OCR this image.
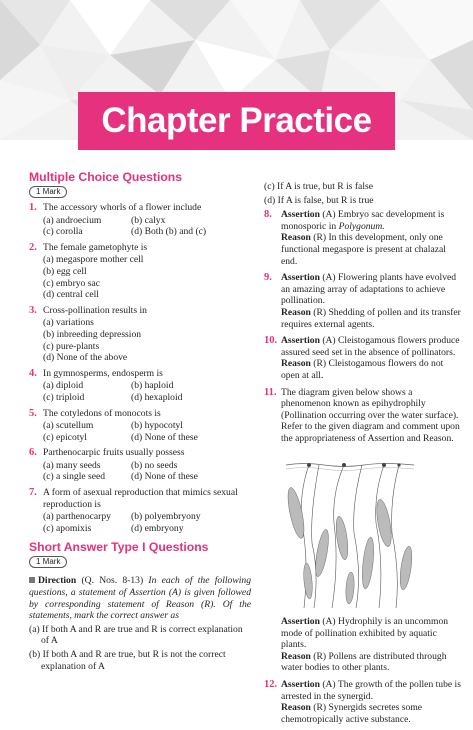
Chapter Practice
Multiple Choice Questions
1 Mark
1. The accessory whorls of a flower include
(a) androecium	(b) calyx
(c) corolla	(d) Both (b) and (c)
2. The female gametophyte is
(a) megaspore mother cell
(b) egg cell
(c) embryo sac
(d) central cell
3. Cross-pollination results in
(a) variations
(b) inbreeding depression
(c) pure-plants
(d) None of the above
4. In gymnosperms, endosperm is
(a) diploid	(b) haploid
(c) triploid	(d) hexaploid
5. The cotyledons of monocots is
(a) scutellum	(b) hypocotyl
(c) epicotyl	(d) None of these
6. Parthenocarpic fruits usually possess
(a) many seeds	(b) no seeds
(c) a single seed	(d) None of these
7. A form of asexual reproduction that mimics sexual reproduction is
(a) parthenocarpy	(b) polyembryony
(c) apomixis	(d) embryony
Short Answer Type I Questions
1 Mark
Direction (Q. Nos. 8-13) In each of the following questions, a statement of Assertion (A) is given followed by corresponding statement of Reason (R). Of the statements, mark the correct answer as
(a) If both A and R are true and R is correct explanation of A
(b) If both A and R are true, but R is not the correct explanation of A
(c) If A is true, but R is false
(d) If A is false, but R is true
8. Assertion (A) Embryo sac development is monosporic in Polygonum.
Reason (R) In this development, only one functional megaspore is present at chalazal end.
9. Assertion (A) Flowering plants have evolved an amazing array of adaptations to achieve pollination.
Reason (R) Shedding of pollen and its transfer requires external agents.
10. Assertion (A) Cleistogamous flowers produce assured seed set in the absence of pollinators.
Reason (R) Cleistogamous flowers do not open at all.
11. The diagram given below shows a phenomenon known as epihydrophily (Pollination occurring over the water surface). Refer to the given diagram and comment upon the appropriateness of Assertion and Reason.
Assertion (A) Hydrophily is an uncommon mode of pollination exhibited by aquatic plants.
Reason (R) Pollens are distributed through water bodies to other plants.
12. Assertion (A) The growth of the pollen tube is arrested in the synergid.
Reason (R) Synergids secretes some chemotropically active substance.
